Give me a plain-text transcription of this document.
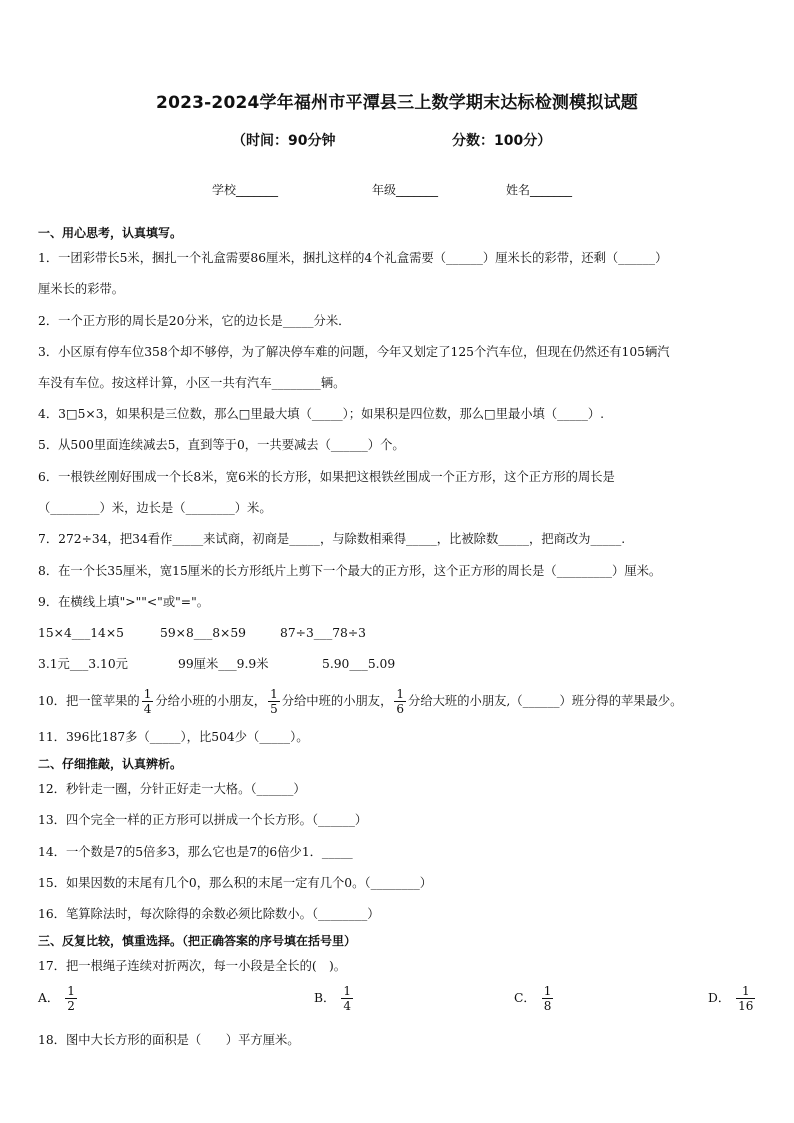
2023-2024学年福州市平潭县三上数学期末达标检测模拟试题
（时间：90分钟	分数：100分）
学校_______	年级_______	姓名_______
一、用心思考，认真填写。
1．一团彩带长5米，捆扎一个礼盒需要86厘米，捆扎这样的4个礼盒需要（______）厘米长的彩带，还剩（______）
厘米长的彩带。
2．一个正方形的周长是20分米，它的边长是_____分米．
3．小区原有停车位358个却不够停，为了解决停车难的问题，今年又划定了125个汽车位，但现在仍然还有105辆汽
车没有车位。按这样计算，小区一共有汽车________辆。
4．3□5×3，如果积是三位数，那么□里最大填（_____）；如果积是四位数，那么□里最小填（_____）.
5．从500里面连续减去5，直到等于0，一共要减去（______）个。
6．一根铁丝刚好围成一个长8米，宽6米的长方形，如果把这根铁丝围成一个正方形，这个正方形的周长是
（________）米，边长是（________）米。
7．272÷34，把34看作_____来试商，初商是_____，与除数相乘得_____，比被除数_____，把商改为_____.
8．在一个长35厘米，宽15厘米的长方形纸片上剪下一个最大的正方形，这个正方形的周长是（_________）厘米。
9．在横线上填">""<"或"="。
15×4___14×5	59×8___8×59	87÷3___78÷3
3.1元___3.10元	99厘米___9.9米	5.90___5.09
10．把一筐苹果的 $\frac{1}{4}$ 分给小班的小朋友， $\frac{1}{5}$ 分给中班的小朋友， $\frac{1}{6}$ 分给大班的小朋友,（______）班分得的苹果最少。
11．396比187多（_____），比504少（_____）。
二、仔细推敲，认真辨析。
12．秒针走一圈，分针正好走一大格。（______）
13．四个完全一样的正方形可以拼成一个长方形。（______）
14．一个数是7的5倍多3，那么它也是7的6倍少1．_____
15．如果因数的末尾有几个0，那么积的末尾一定有几个0。（________）
16．笔算除法时，每次除得的余数必须比除数小。（________）
三、反复比较，慎重选择。（把正确答案的序号填在括号里）
17．把一根绳子连续对折两次，每一小段是全长的(　)。
A． $\frac{1}{2}$	B． $\frac{1}{4}$	C． $\frac{1}{8}$	D． $\frac{1}{16}$
18．图中大长方形的面积是（　　）平方厘米。
